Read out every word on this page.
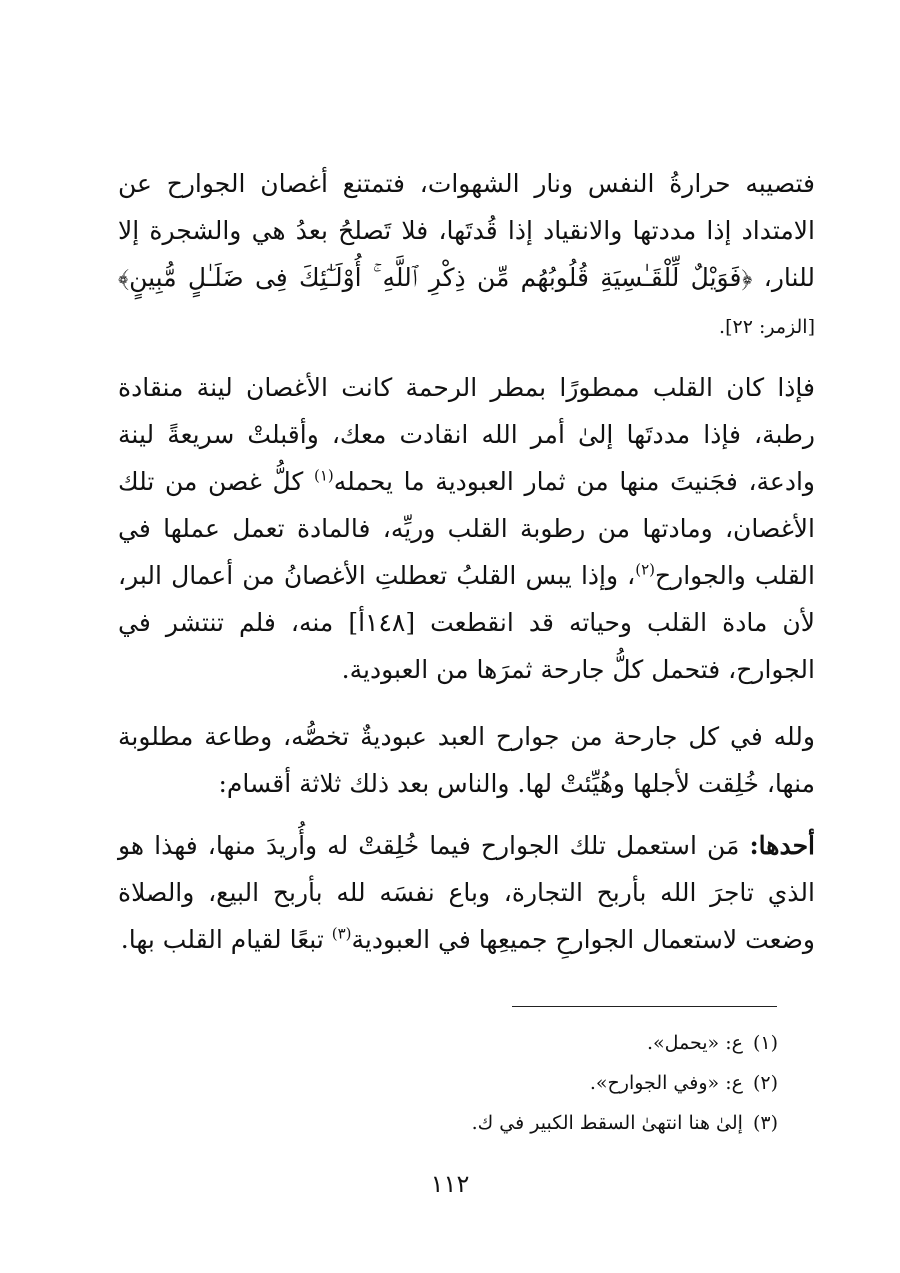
فتصيبه حرارةُ النفس ونار الشهوات، فتمتنع أغصان الجوارح عن الامتداد إذا مددتها والانقياد إذا قُدتَها، فلا تَصلحُ بعدُ هي والشجرة إلا للنار، ﴿فَوَيْلٌ لِّلْقَـٰسِيَةِ قُلُوبُهُم مِّن ذِكْرِ ٱللَّهِ ۚ أُوْلَـٰٓئِكَ فِى ضَلَـٰلٍ مُّبِينٍ﴾ [الزمر: ٢٢].

فإذا كان القلب ممطورًا بمطر الرحمة كانت الأغصان لينة منقادة رطبة، فإذا مددتَها إلىٰ أمر الله انقادت معك، وأقبلتْ سريعةً لينة وادعة، فجَنيتَ منها من ثمار العبودية ما يحمله$^{(١)}$ كلُّ غصن من تلك الأغصان، ومادتها من رطوبة القلب وريِّه، فالمادة تعمل عملها في القلب والجوارح$^{(٢)}$، وإذا يبس القلبُ تعطلتِ الأغصانُ من أعمال البر، لأن مادة القلب وحياته قد انقطعت [١٤٨أ] منه، فلم تنتشر في الجوارح، فتحمل كلُّ جارحة ثمرَها من العبودية.

ولله في كل جارحة من جوارح العبد عبوديةٌ تخصُّه، وطاعة مطلوبة منها، خُلِقت لأجلها وهُيِّئتْ لها. والناس بعد ذلك ثلاثة أقسام:

أحدها: مَن استعمل تلك الجوارح فيما خُلِقتْ له وأُريدَ منها، فهذا هو الذي تاجرَ الله بأربح التجارة، وباع نفسَه لله بأربح البيع، والصلاة وضعت لاستعمال الجوارحِ جميعِها في العبودية$^{(٣)}$ تبعًا لقيام القلب بها.

(١)ع: «يحمل».
(٢)ع: «وفي الجوارح».
(٣)إلىٰ هنا انتهىٰ السقط الكبير في ك.
١١٢
